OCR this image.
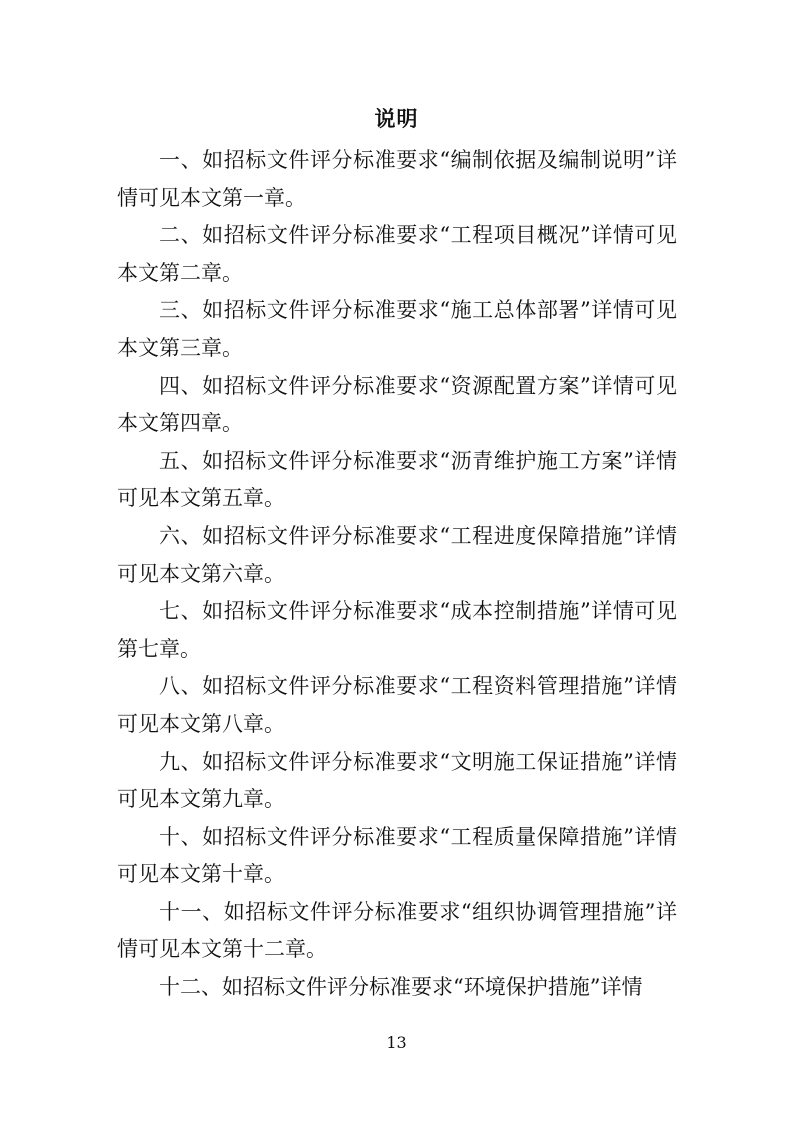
说明

一、如招标文件评分标准要求“编制依据及编制说明”详情可见本文第一章。

二、如招标文件评分标准要求“工程项目概况”详情可见本文第二章。

三、如招标文件评分标准要求“施工总体部署”详情可见本文第三章。

四、如招标文件评分标准要求“资源配置方案”详情可见本文第四章。

五、如招标文件评分标准要求“沥青维护施工方案”详情可见本文第五章。

六、如招标文件评分标准要求“工程进度保障措施”详情可见本文第六章。

七、如招标文件评分标准要求“成本控制措施”详情可见第七章。

八、如招标文件评分标准要求“工程资料管理措施”详情可见本文第八章。

九、如招标文件评分标准要求“文明施工保证措施”详情可见本文第九章。

十、如招标文件评分标准要求“工程质量保障措施”详情可见本文第十章。

十一、如招标文件评分标准要求“组织协调管理措施”详情可见本文第十二章。

十二、如招标文件评分标准要求“环境保护措施”详情

13
